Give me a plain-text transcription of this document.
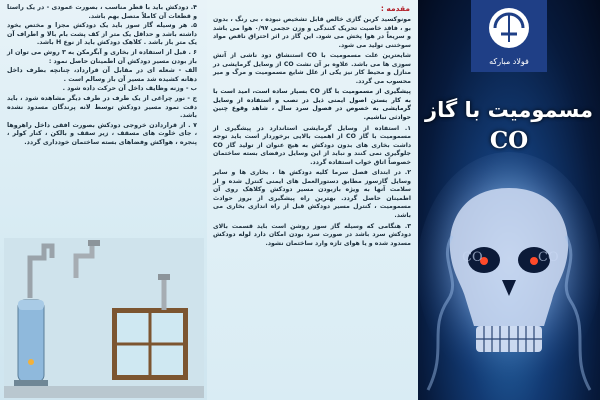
۴. دودکش باید با قطر مناسب ، بصورت عمودی - در یک راستا و قطعات آن کاملاً متصل بهم باشد.

۵. هر وسیله گاز سوز باید یک دودکش مجزا و مختص بخود داشته باشد و حداقل یک متر از کف پشت بام بالا و اطراف آن یک متر باز باشد . کلاهک دودکش باید از نوع H باشد.

۶ . قبل از استفاده از بخاری و آبگرمکن به ۳ روش می توان از باز بودن مسیر دودکش آن اطمینان حاصل نمود :

الف - شعله ای در مقابل آن قرارداد، چنانچه بطرف داخل دهانه کشیده شد مسیر آن باز وسالم است .

ب - وزنه وظایف داخل آن حرکت داده شود .

ج - نور چراغی از یک طرف در طرف دیگر مشاهده شود ، باید دقت نمود مسیر دودکش توسط لانه پرندگان مسدود نشده باشد.

۷ . از قراردادن خروجی دودکش بصورت افقی داخل راهروها ، جای خلوت های مسقف ، زیر سقف و بالکن ، کنار کولر ، پنجره ، هواکش وفضاهای بسته ساختمان خودداری گردد.

مقدمه :

مونوکسید کربن گازی خالص قابل تشخیص نبوده ، بی رنگ ، بدون بو ، فاقد خاصیت تحریک کنندگی و وزن حجمی ۰/۹۷ هوا می باشد و سریعاً در هوا پخش می شود. این گاز در اثر احتراق ناقص مواد سوختنی تولید می شود.

شایعترین علت مسمومیت با CO استنشاق دود ناشی از آتش سوزی ها می باشد. علاوه بر آن نشت CO از وسایل گرمایشی در منازل و محیط کار نیز یکی از علل شایع مسمومیت و مرگ و میر محسوب می گردد.

پیشگیری از مسمومیت با گاز CO بسیار ساده است، امید است با به کار بستن اصول ایمنی ذیل در نصب و استفاده از وسایل گرمایشی به خصوص در فصول سرد سال ، شاهد وقوع چنین حوادثی نباشیم.

۱. استفاده از وسایل گرمایشی استاندارد در پیشگیری از مسمومیت با گاز CO از اهمیت بالایی برخوردار است باید توجه داشت بخاری های بدون دودکش به هیچ عنوان از تولید گاز CO جلوگیری نمی کنند و نباید از این وسایل درفضای بسته ساختمان خصوصاً اتاق خواب استفاده گردد.

۲. در ابتدای فصل سرما کلیه دودکش ها ، بخاری ها و سایر وسایل گازسوز مطابق دستورالعمل های ایمنی کنترل شده و از سلامت آنها به ویژه بازبودن مسیر دودکش وکلاهک روی آن اطمینان حاصل گردد. بهترین راه پیشگیری از بروز حوادث مسمومیت ، کنترل مسیر دودکش قبل از راه اندازی بخاری می باشد.

۳. هنگامی که وسیله گاز سوز روشن است باید قسمت بالای دودکش سرد باشد در صورت سرد بودن امکان دارد لوله دودکش مسدود شده و یا هوای تازه وارد ساختمان نشود.

فولاد مبارکه
CO	CO
مسمومیت با گاز
CO
